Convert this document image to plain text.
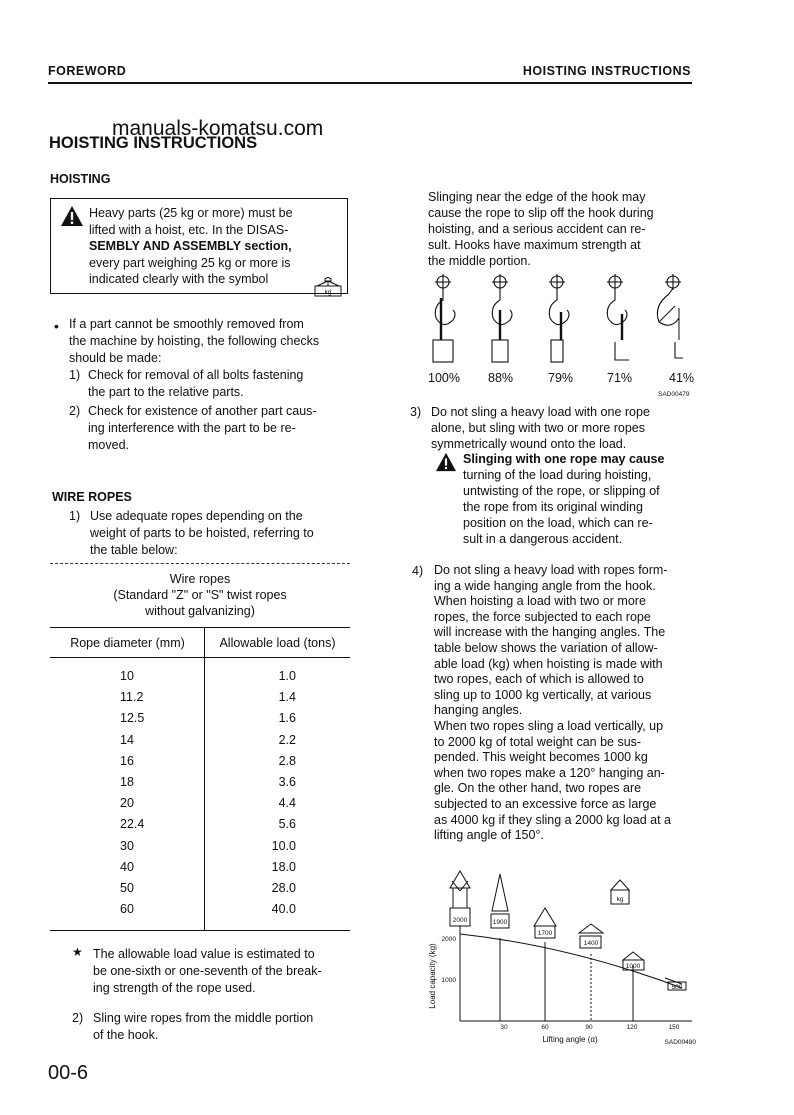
FOREWORD	HOISTING INSTRUCTIONS
manuals-komatsu.com
HOISTING INSTRUCTIONS
HOISTING

Heavy parts (25 kg or more) must be

lifted with a hoist, etc. In the DISAS-

SEMBLY AND ASSEMBLY section,

every part weighing 25 kg or more is

indicated clearly with the symbol

kg
• If a part cannot be smoothly removed from

the machine by hoisting, the following checks

should be made:

1) Check for removal of all bolts fastening

the part to the relative parts.

2) Check for existence of another part caus-

ing interference with the part to be re-

moved.

WIRE ROPES
1) Use adequate ropes depending on the

weight of parts to be hoisted, referring to

the table below:

Wire ropes

(Standard "Z" or "S" twist ropes

without galvanizing)

Rope diameter (mm)	Allowable load (tons)
10	1.0
11.2	1.4
12.5	1.6
14	2.2
16	2.8
18	3.6
20	4.4
22.4	5.6
30	10.0
40	18.0
50	28.0
60	40.0
★ The allowable load value is estimated to

be one-sixth or one-seventh of the break-

ing strength of the rope used.

2) Sling wire ropes from the middle portion

of the hook.

Slinging near the edge of the hook may

cause the rope to slip off the hook during

hoisting, and a serious accident can re-

sult. Hooks have maximum strength at

the middle portion.

100% 88%	79%	71%	41%
SAD00479
3) Do not sling a heavy load with one rope

alone, but sling with two or more ropes

symmetrically wound onto the load.

Slinging with one rope may cause

turning of the load during hoisting,

untwisting of the rope, or slipping of

the rope from its original winding

position on the load, which can re-

sult in a dangerous accident.

4) Do not sling a heavy load with ropes form-

ing a wide hanging angle from the hook.

When hoisting a load with two or more

ropes, the force subjected to each rope

will increase with the hanging angles. The

table below shows the variation of allow-

able load (kg) when hoisting is made with

two ropes, each of which is allowed to

sling up to 1000 kg vertically, at various

hanging angles.

When two ropes sling a load vertically, up

to 2000 kg of total weight can be sus-

pended. This weight becomes 1000 kg

when two ropes make a 120° hanging an-

gle. On the other hand, two ropes are

subjected to an excessive force as large

as 4000 kg if they sling a 2000 kg load at a

lifting angle of 150°.

2000	1900
1700
1400
1000
500
kg
2000
1000
30	60	90	120	150
Lifting angle (α)	SAD00480
Load capacity (kg)
00-6
